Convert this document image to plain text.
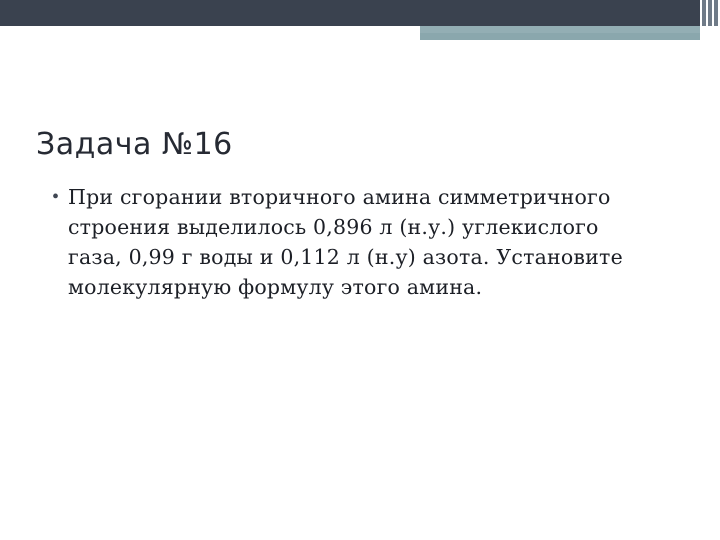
Задача №16
• При сгорании вторичного амина симметричного строения выделилось 0,896 л (н.у.) углекислого газа, 0,99 г воды и 0,112 л (н.у) азота. Установите молекулярную формулу этого амина.
